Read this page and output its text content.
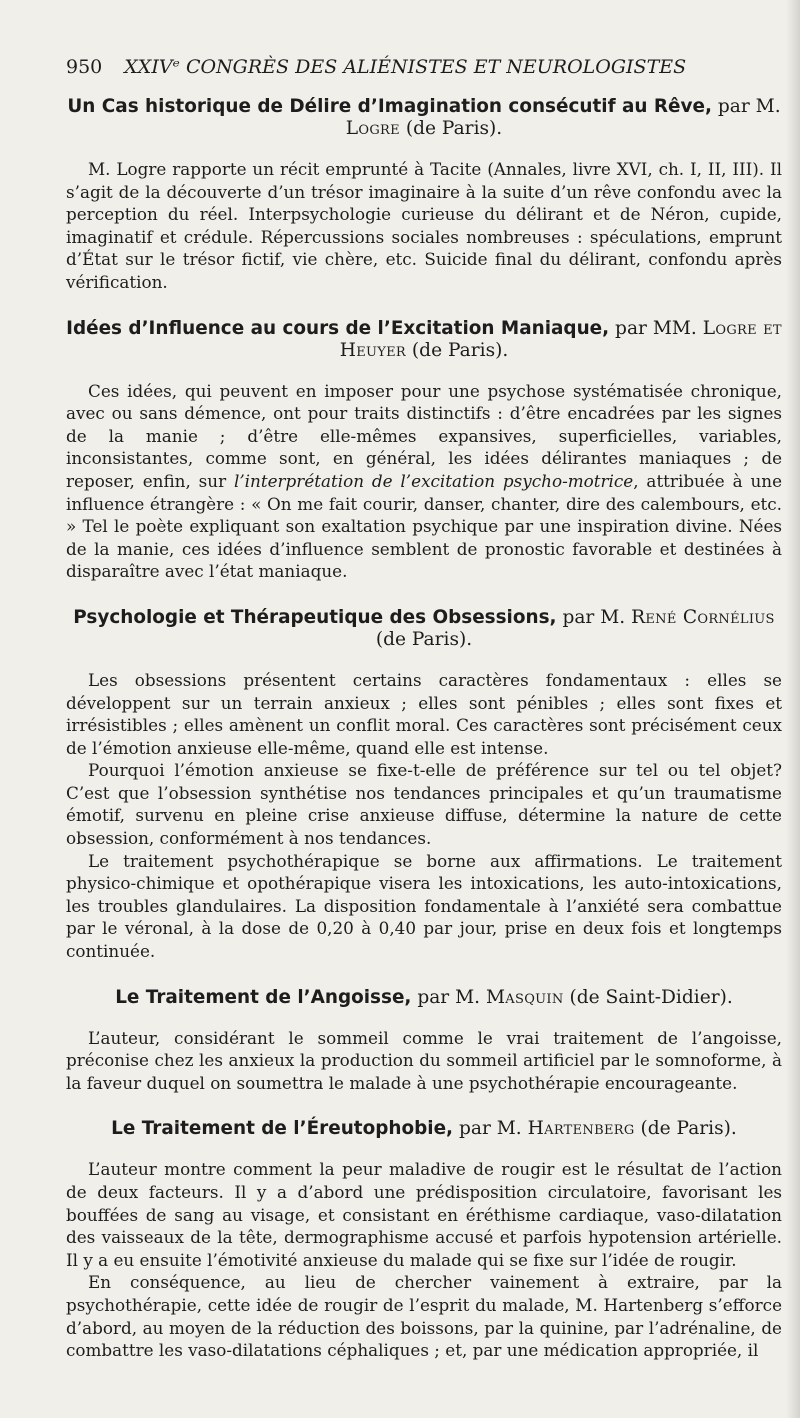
950 XXIVᵉ CONGRÈS DES ALIÉNISTES ET NEUROLOGISTES
Un Cas historique de Délire d’Imagination consécutif au Rêve, par M. Logre (de Paris).

M. Logre rapporte un récit emprunté à Tacite (Annales, livre XVI, ch. I, II, III). Il s’agit de la découverte d’un trésor imaginaire à la suite d’un rêve confondu avec la perception du réel. Interpsychologie curieuse du délirant et de Néron, cupide, imaginatif et crédule. Répercussions sociales nombreuses : spéculations, emprunt d’État sur le trésor fictif, vie chère, etc. Suicide final du délirant, confondu après vérification.

Idées d’Influence au cours de l’Excitation Maniaque, par MM. Logre et Heuyer (de Paris).

Ces idées, qui peuvent en imposer pour une psychose systématisée chronique, avec ou sans démence, ont pour traits distinctifs : d’être encadrées par les signes de la manie ; d’être elle-mêmes expansives, superficielles, variables, inconsistantes, comme sont, en général, les idées délirantes maniaques ; de reposer, enfin, sur l’interprétation de l’excitation psycho-motrice, attribuée à une influence étrangère : « On me fait courir, danser, chanter, dire des calembours, etc. » Tel le poète expliquant son exaltation psychique par une inspiration divine. Nées de la manie, ces idées d’influence semblent de pronostic favorable et destinées à disparaître avec l’état maniaque.

Psychologie et Thérapeutique des Obsessions, par M. René Cornélius (de Paris).

Les obsessions présentent certains caractères fondamentaux : elles se développent sur un terrain anxieux ; elles sont pénibles ; elles sont fixes et irrésistibles ; elles amènent un conflit moral. Ces caractères sont précisément ceux de l’émotion anxieuse elle-même, quand elle est intense.

Pourquoi l’émotion anxieuse se fixe-t-elle de préférence sur tel ou tel objet? C’est que l’obsession synthétise nos tendances principales et qu’un traumatisme émotif, survenu en pleine crise anxieuse diffuse, détermine la nature de cette obsession, conformément à nos tendances.

Le traitement psychothérapique se borne aux affirmations. Le traitement physico-chimique et opothérapique visera les intoxications, les auto-intoxications, les troubles glandulaires. La disposition fondamentale à l’anxiété sera combattue par le véronal, à la dose de 0,20 à 0,40 par jour, prise en deux fois et longtemps continuée.

Le Traitement de l’Angoisse, par M. Masquin (de Saint-Didier).

L’auteur, considérant le sommeil comme le vrai traitement de l’angoisse, préconise chez les anxieux la production du sommeil artificiel par le somnoforme, à la faveur duquel on soumettra le malade à une psychothérapie encourageante.

Le Traitement de l’Éreutophobie, par M. Hartenberg (de Paris).

L’auteur montre comment la peur maladive de rougir est le résultat de l’action de deux facteurs. Il y a d’abord une prédisposition circulatoire, favorisant les bouffées de sang au visage, et consistant en éréthisme cardiaque, vaso-dilatation des vaisseaux de la tête, dermographisme accusé et parfois hypotension artérielle. Il y a eu ensuite l’émotivité anxieuse du malade qui se fixe sur l’idée de rougir.

En conséquence, au lieu de chercher vainement à extraire, par la psychothérapie, cette idée de rougir de l’esprit du malade, M. Hartenberg s’efforce d’abord, au moyen de la réduction des boissons, par la quinine, par l’adrénaline, de combattre les vaso-dilatations céphaliques ; et, par une médication appropriée, il
